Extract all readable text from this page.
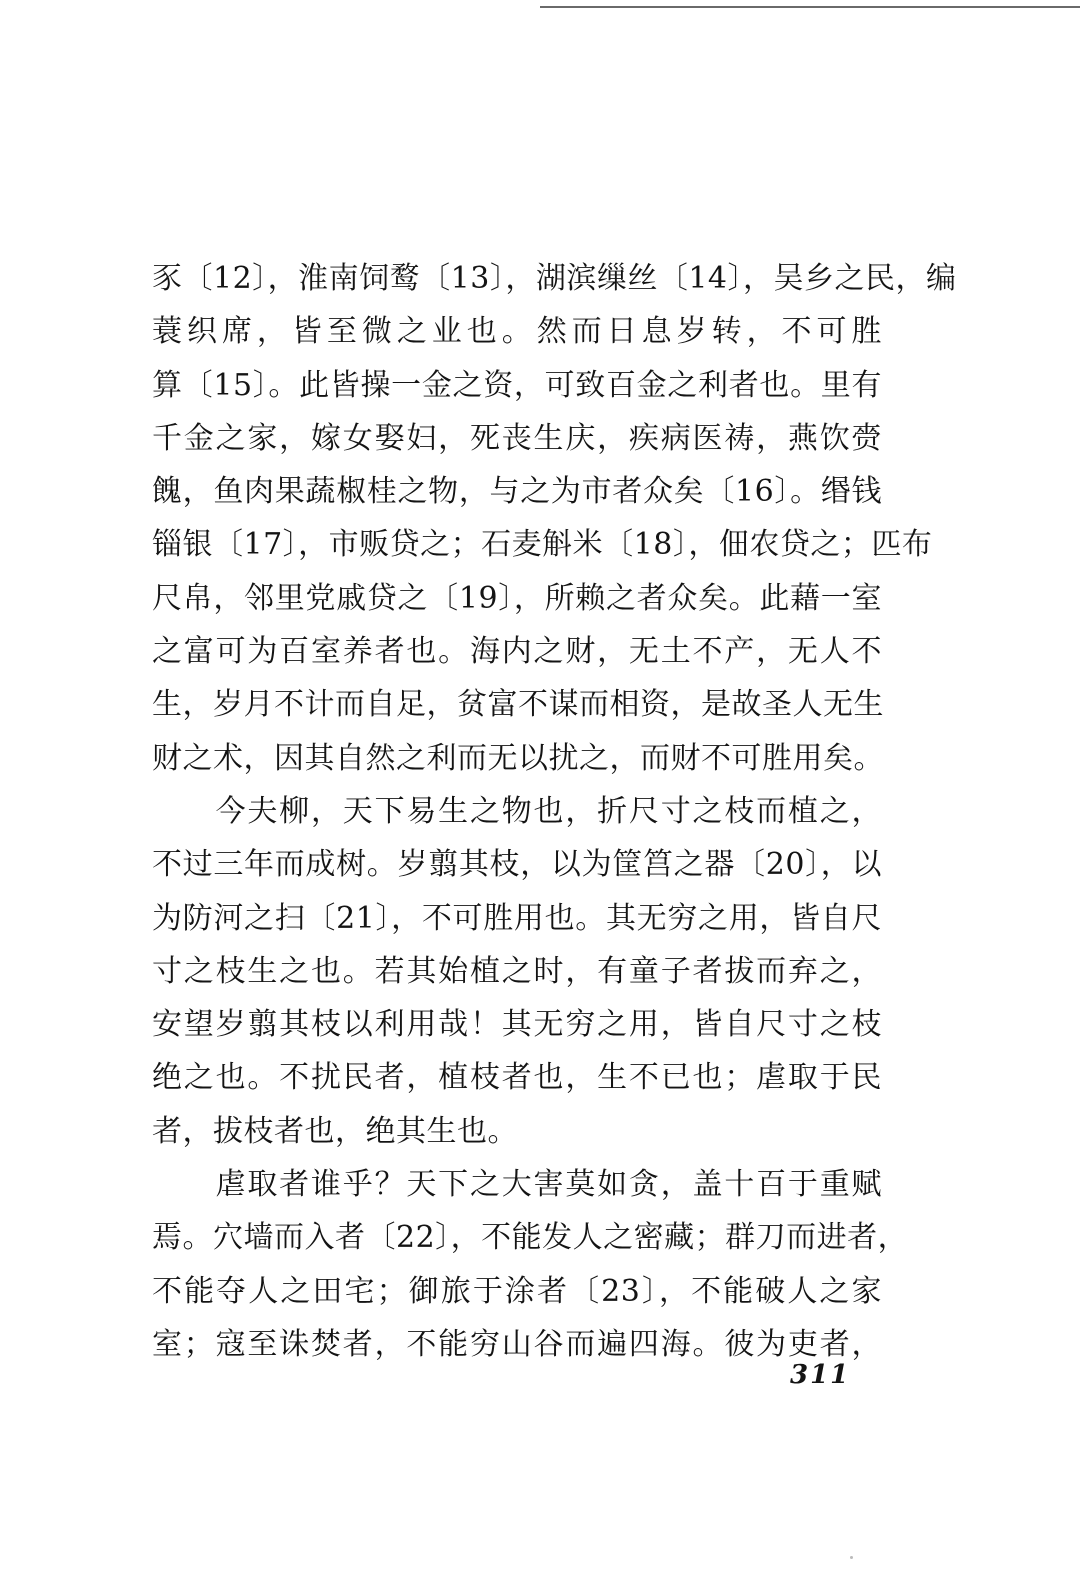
豕〔12〕，淮南饲鹜〔13〕，湖滨缫丝〔14〕，吴乡之民，编
蓑织席，皆至微之业也。然而日息岁转，不可胜
算〔15〕。此皆操一金之资，可致百金之利者也。里有
千金之家，嫁女娶妇，死丧生庆，疾病医祷，燕饮赍
餽，鱼肉果蔬椒桂之物，与之为市者众矣〔16〕。缗钱
锱银〔17〕，市贩贷之；石麦斛米〔18〕，佃农贷之；匹布
尺帛，邻里党戚贷之〔19〕，所赖之者众矣。此藉一室
之富可为百室养者也。海内之财，无土不产，无人不
生，岁月不计而自足，贫富不谋而相资，是故圣人无生
财之术，因其自然之利而无以扰之，而财不可胜用矣。
　　今夫柳，天下易生之物也，折尺寸之枝而植之，
不过三年而成树。岁翦其枝，以为筐筥之器〔20〕，以
为防河之扫〔21〕，不可胜用也。其无穷之用，皆自尺
寸之枝生之也。若其始植之时，有童子者拔而弃之，
安望岁翦其枝以利用哉！其无穷之用，皆自尺寸之枝
绝之也。不扰民者，植枝者也，生不已也；虐取于民
者，拔枝者也，绝其生也。
　　虐取者谁乎？天下之大害莫如贪，盖十百于重赋
焉。穴墙而入者〔22〕，不能发人之密藏；群刀而进者，
不能夺人之田宅；御旅于涂者〔23〕，不能破人之家
室；寇至诛焚者，不能穷山谷而遍四海。彼为吏者，
311
